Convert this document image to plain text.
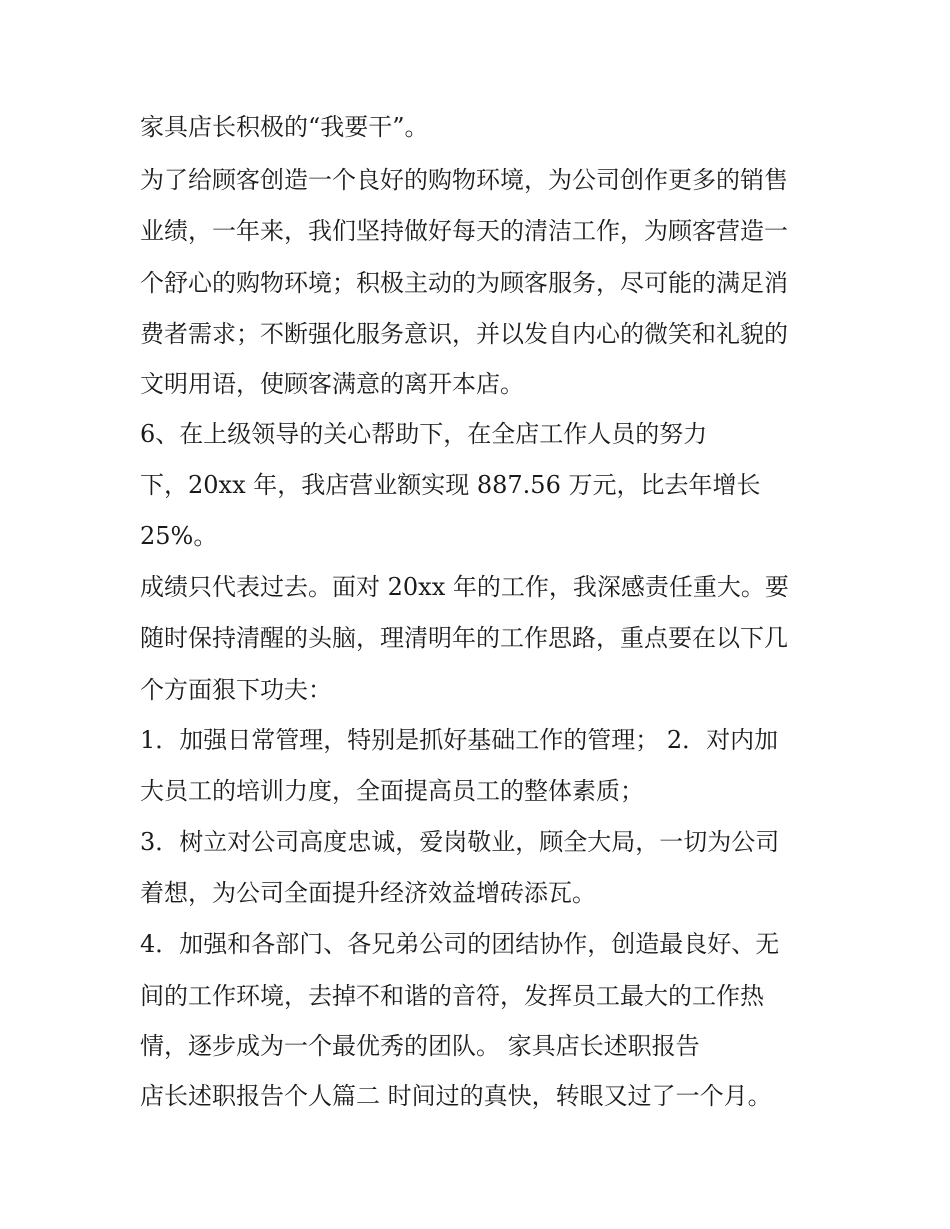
家具店长积极的“我要干”。
为了给顾客创造一个良好的购物环境，为公司创作更多的销售
业绩，一年来，我们坚持做好每天的清洁工作，为顾客营造一
个舒心的购物环境；积极主动的为顾客服务，尽可能的满足消
费者需求；不断强化服务意识，并以发自内心的微笑和礼貌的
文明用语，使顾客满意的离开本店。
6、在上级领导的关心帮助下，在全店工作人员的努力
下，20xx 年，我店营业额实现 887.56 万元，比去年增长
25%。
成绩只代表过去。面对 20xx 年的工作，我深感责任重大。要
随时保持清醒的头脑，理清明年的工作思路，重点要在以下几
个方面狠下功夫：
1．加强日常管理，特别是抓好基础工作的管理； 2．对内加
大员工的培训力度，全面提高员工的整体素质；
3．树立对公司高度忠诚，爱岗敬业，顾全大局，一切为公司
着想，为公司全面提升经济效益增砖添瓦。
4．加强和各部门、各兄弟公司的团结协作，创造最良好、无
间的工作环境，去掉不和谐的音符，发挥员工最大的工作热
情，逐步成为一个最优秀的团队。 家具店长述职报告
店长述职报告个人篇二 时间过的真快，转眼又过了一个月。
